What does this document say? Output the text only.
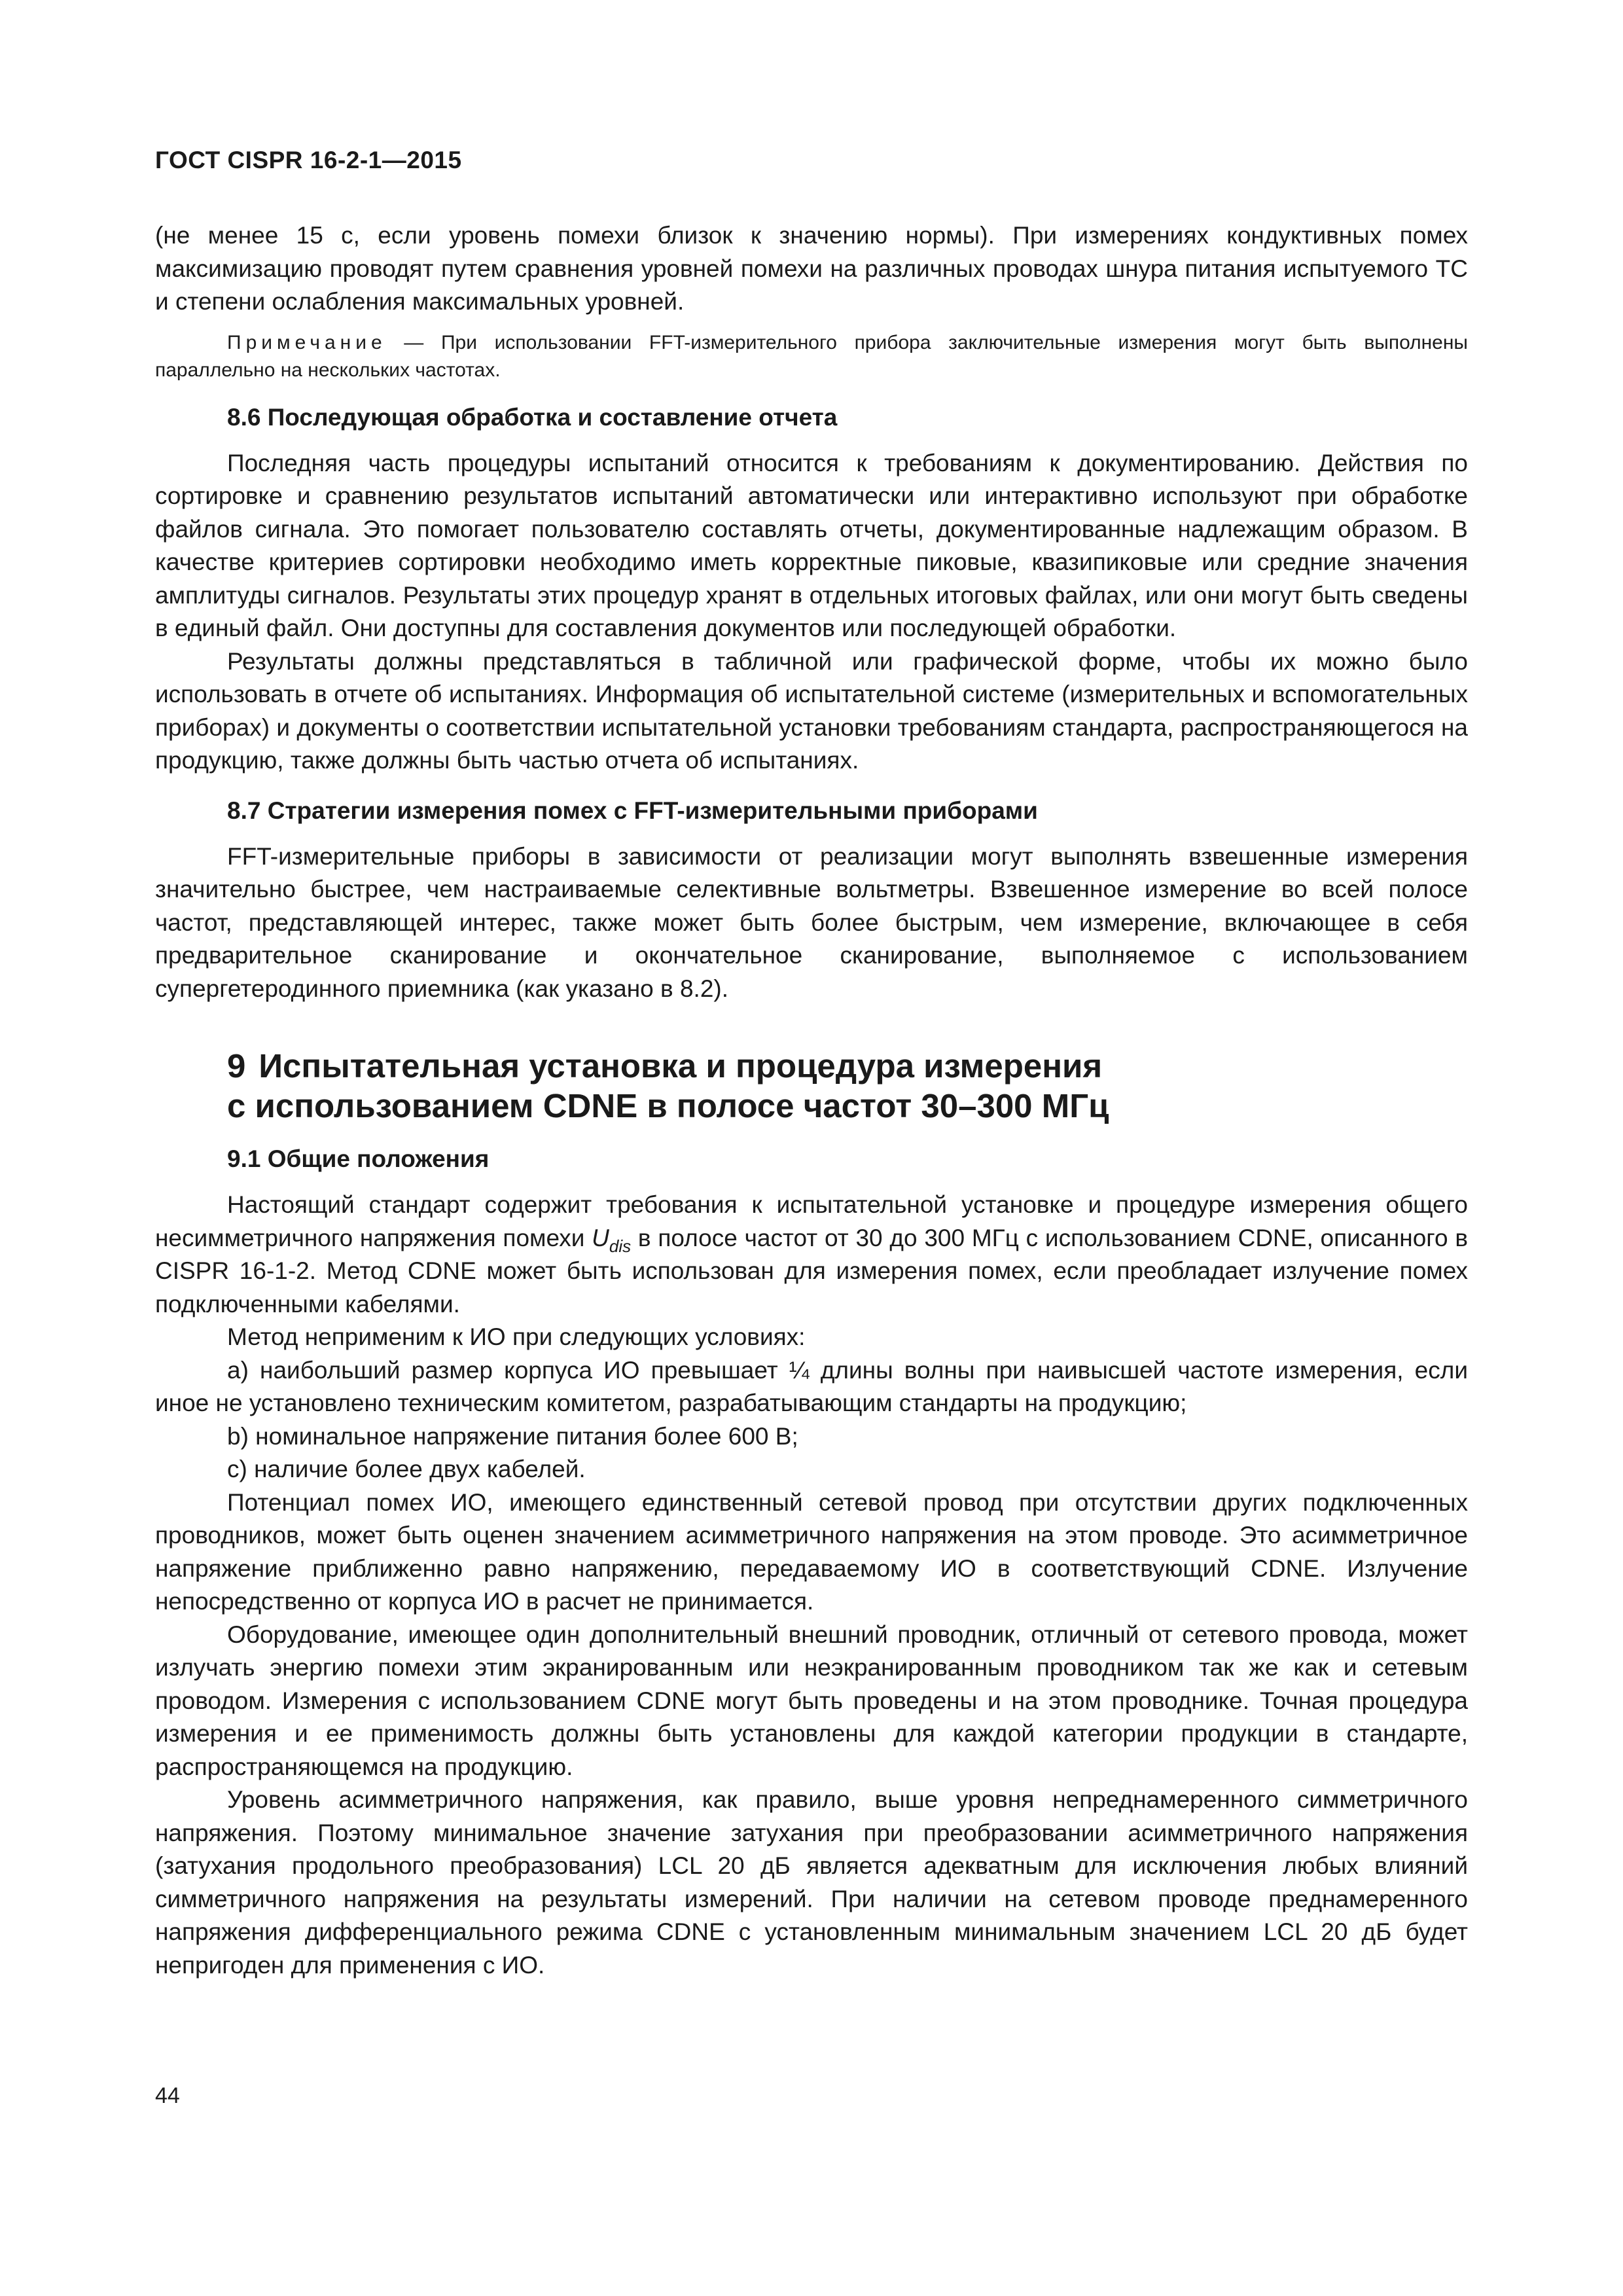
ГОСТ CISPR 16-2-1—2015

(не менее 15 с, если уровень помехи близок к значению нормы). При измерениях кондуктивных помех максимизацию проводят путем сравнения уровней помехи на различных проводах шнура питания испытуемого ТС и степени ослабления максимальных уровней.

Примечание — При использовании FFT-измерительного прибора заключительные измерения могут быть выполнены параллельно на нескольких частотах.
8.6 Последующая обработка и составление отчета

Последняя часть процедуры испытаний относится к требованиям к документированию. Действия по сортировке и сравнению результатов испытаний автоматически или интерактивно используют при обработке файлов сигнала. Это помогает пользователю составлять отчеты, документированные надлежащим образом. В качестве критериев сортировки необходимо иметь корректные пиковые, квазипиковые или средние значения амплитуды сигналов. Результаты этих процедур хранят в отдельных итоговых файлах, или они могут быть сведены в единый файл. Они доступны для составления документов или последующей обработки.

Результаты должны представляться в табличной или графической форме, чтобы их можно было использовать в отчете об испытаниях. Информация об испытательной системе (измерительных и вспомогательных приборах) и документы о соответствии испытательной установки требованиям стандарта, распространяющегося на продукцию, также должны быть частью отчета об испытаниях.

8.7 Стратегии измерения помех с FFT-измерительными приборами

FFT-измерительные приборы в зависимости от реализации могут выполнять взвешенные измерения значительно быстрее, чем настраиваемые селективные вольтметры. Взвешенное измерение во всей полосе частот, представляющей интерес, также может быть более быстрым, чем измерение, включающее в себя предварительное сканирование и окончательное сканирование, выполняемое с использованием супергетеродинного приемника (как указано в 8.2).

9 Испытательная установка и процедура измерения
с использованием CDNE в полосе частот 30–300 МГц
9.1 Общие положения

Настоящий стандарт содержит требования к испытательной установке и процедуре измерения общего несимметричного напряжения помехи $U_{dis}$ в полосе частот от 30 до 300 МГц с использованием CDNE, описанного в CISPR 16-1-2. Метод CDNE может быть использован для измерения помех, если преобладает излучение помех подключенными кабелями.

Метод неприменим к ИО при следующих условиях:

a) наибольший размер корпуса ИО превышает ¼ длины волны при наивысшей частоте измерения, если иное не установлено техническим комитетом, разрабатывающим стандарты на продукцию;

b) номинальное напряжение питания более 600 В;

c) наличие более двух кабелей.

Потенциал помех ИО, имеющего единственный сетевой провод при отсутствии других подключенных проводников, может быть оценен значением асимметричного напряжения на этом проводе. Это асимметричное напряжение приближенно равно напряжению, передаваемому ИО в соответствующий CDNE. Излучение непосредственно от корпуса ИО в расчет не принимается.

Оборудование, имеющее один дополнительный внешний проводник, отличный от сетевого провода, может излучать энергию помехи этим экранированным или неэкранированным проводником так же как и сетевым проводом. Измерения с использованием CDNE могут быть проведены и на этом проводнике. Точная процедура измерения и ее применимость должны быть установлены для каждой категории продукции в стандарте, распространяющемся на продукцию.

Уровень асимметричного напряжения, как правило, выше уровня непреднамеренного симметричного напряжения. Поэтому минимальное значение затухания при преобразовании асимметричного напряжения (затухания продольного преобразования) LCL 20 дБ является адекватным для исключения любых влияний симметричного напряжения на результаты измерений. При наличии на сетевом проводе преднамеренного напряжения дифференциального режима CDNE с установленным минимальным значением LCL 20 дБ будет непригоден для применения с ИО.

44
